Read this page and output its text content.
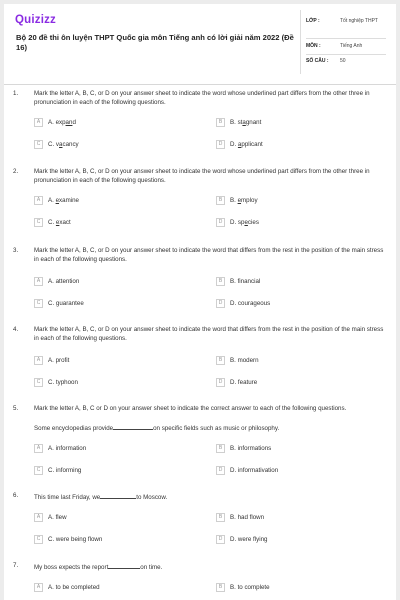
Quizizz
Bộ 20 đề thi ôn luyện THPT Quốc gia môn Tiếng anh có lời giải năm 2022 (Đề 16)
LỚP :	Tốt nghiệp THPT
MÔN :	Tiếng Anh
SỐ CÂU : 50
1.	Mark the letter A, B, C, or D on your answer sheet to indicate the word whose underlined part differs from the other three in pronunciation in each of the following questions.
A	A. expand	B	B. stagnant
C	C. vacancy	D	D. applicant
2.	Mark the letter A, B, C, or D on your answer sheet to indicate the word whose underlined part differs from the other three in pronunciation in each of the following questions.
A	A. examine	B	B. employ
C	C. exact	D	D. species
3.	Mark the letter A, B, C, or D on your answer sheet to indicate the word that differs from the rest in the position of the main stress in each of the following questions.
A	A. attention	B	B. financial
C	C. guarantee	D	D. courageous
4.	Mark the letter A, B, C, or D on your answer sheet to indicate the word that differs from the rest in the position of the main stress in each of the following questions.
A	A. profit	B	B. modern
C	C. typhoon	D	D. feature
5.	Mark the letter A, B, C or D on your answer sheet to indicate the correct answer to each of the following questions.
Some encyclopedias provide	on specific fields such as music or philosophy.
A	A. information	B	B. informations
C	C. informing	D	D. informativation
6.	This time last Friday, we	to Moscow.
A	A. flew	B	B. had flown
C	C. were being flown	D	D. were flying
7.	My boss expects the report	on time.
A	A. to be completed	B	B. to complete
